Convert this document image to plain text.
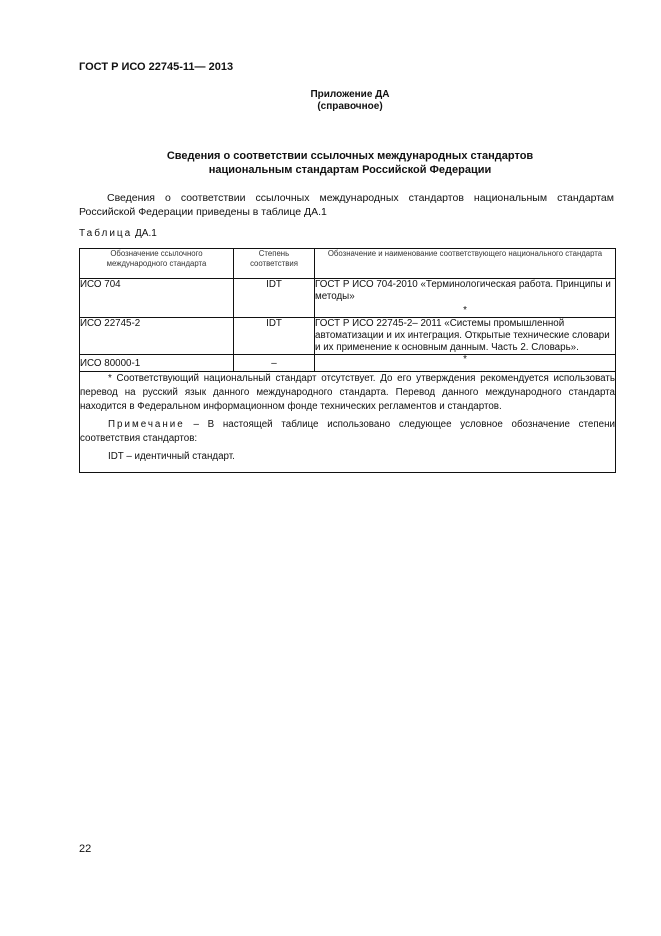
ГОСТ Р ИСО 22745-11— 2013
Приложение ДА
(справочное)
Сведения о соответствии ссылочных международных стандартов
национальным стандартам Российской Федерации
Сведения о соответствии ссылочных международных стандартов национальным стандартам Российской Федерации приведены в таблице ДА.1
Таблица ДА.1
Обозначение ссылочного международного стандарта	Степень соответствия	Обозначение и наименование соответствующего национального стандарта
ИСО 704	IDT	ГОСТ Р ИСО 704-2010 «Терминологическая работа. Принципы и методы»
*

ИСО 22745-2	IDT	ГОСТ Р ИСО 22745-2– 2011 «Системы промышленной автоматизации и их интеграция. Открытые технические словари и их применение к основным данным. Часть 2. Словарь».

ИСО 80000-1	–	*

* Соответствующий национальный стандарт отсутствует. До его утверждения рекомендуется использовать перевод на русский язык данного международного стандарта. Перевод данного международного стандарта находится в Федеральном информационном фонде технических регламентов и стандартов.

Примечание – В настоящей таблице использовано следующее условное обозначение степени соответствия стандартов:

IDT – идентичный стандарт.		

22
